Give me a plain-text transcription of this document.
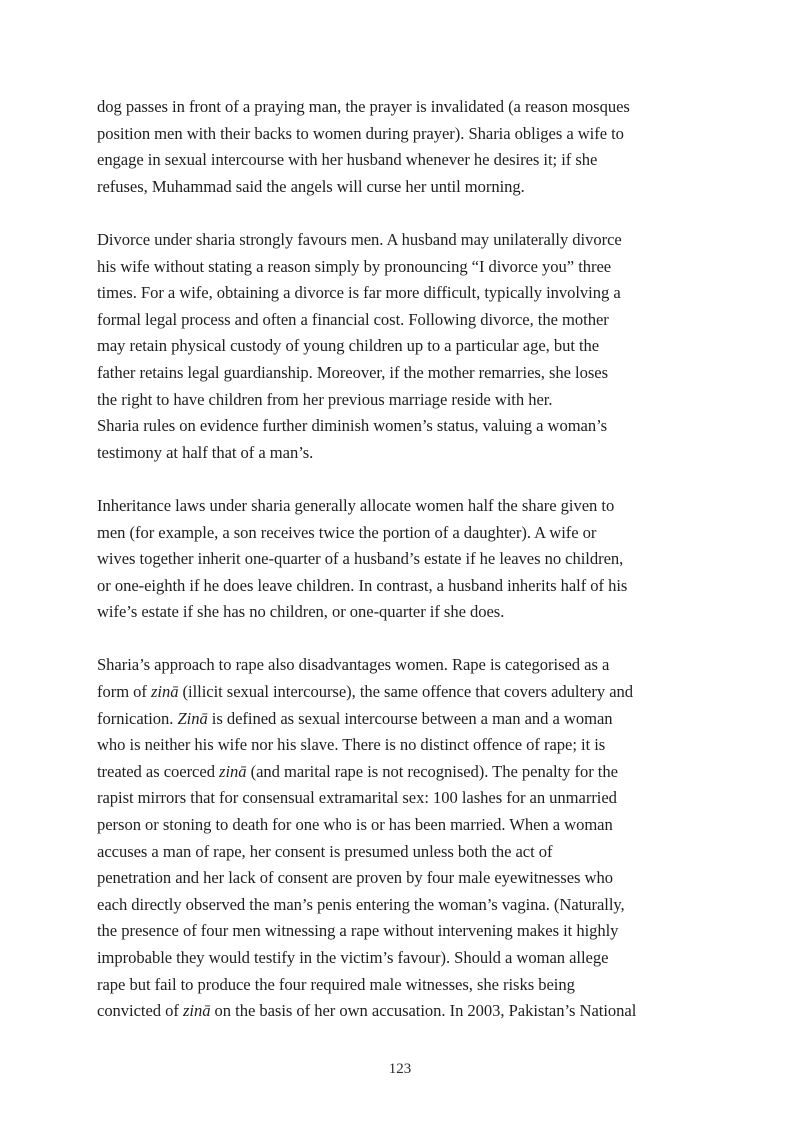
dog passes in front of a praying man, the prayer is invalidated (a reason mosques
position men with their backs to women during prayer). Sharia obliges a wife to
engage in sexual intercourse with her husband whenever he desires it; if she
refuses, Muhammad said the angels will curse her until morning.
Divorce under sharia strongly favours men. A husband may unilaterally divorce
his wife without stating a reason simply by pronouncing “I divorce you” three
times. For a wife, obtaining a divorce is far more difficult, typically involving a
formal legal process and often a financial cost. Following divorce, the mother
may retain physical custody of young children up to a particular age, but the
father retains legal guardianship. Moreover, if the mother remarries, she loses
the right to have children from her previous marriage reside with her.
Sharia rules on evidence further diminish women’s status, valuing a woman’s
testimony at half that of a man’s.
Inheritance laws under sharia generally allocate women half the share given to
men (for example, a son receives twice the portion of a daughter). A wife or
wives together inherit one-quarter of a husband’s estate if he leaves no children,
or one-eighth if he does leave children. In contrast, a husband inherits half of his
wife’s estate if she has no children, or one-quarter if she does.
Sharia’s approach to rape also disadvantages women. Rape is categorised as a
form of zinā (illicit sexual intercourse), the same offence that covers adultery and
fornication. Zinā is defined as sexual intercourse between a man and a woman
who is neither his wife nor his slave. There is no distinct offence of rape; it is
treated as coerced zinā (and marital rape is not recognised). The penalty for the
rapist mirrors that for consensual extramarital sex: 100 lashes for an unmarried
person or stoning to death for one who is or has been married. When a woman
accuses a man of rape, her consent is presumed unless both the act of
penetration and her lack of consent are proven by four male eyewitnesses who
each directly observed the man’s penis entering the woman’s vagina. (Naturally,
the presence of four men witnessing a rape without intervening makes it highly
improbable they would testify in the victim’s favour). Should a woman allege
rape but fail to produce the four required male witnesses, she risks being
convicted of zinā on the basis of her own accusation. In 2003, Pakistan’s National
123
